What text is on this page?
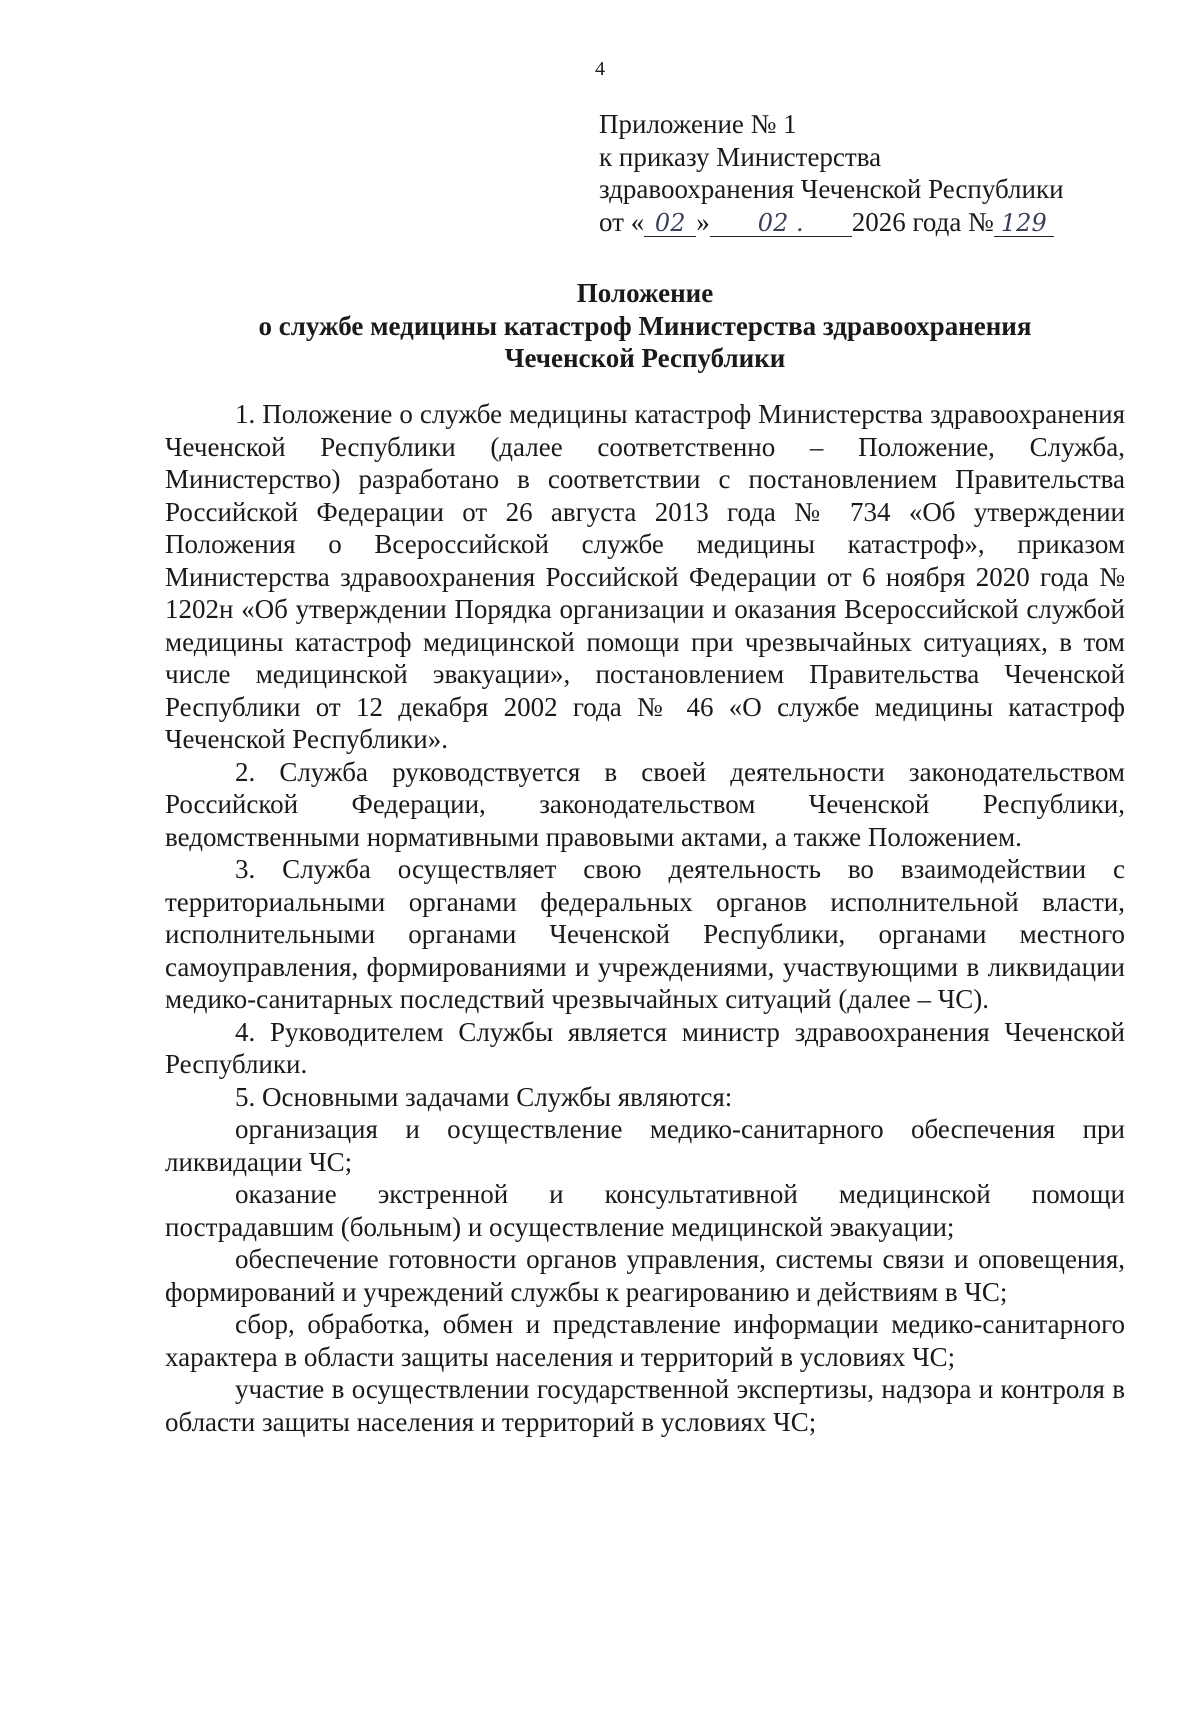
4
Приложение № 1
к приказу Министерства
здравоохранения Чеченской Республики
от « 02 » 02 . 2026 года № 129
Положение
о службе медицины катастроф Министерства здравоохранения
Чеченской Республики

1. Положение о службе медицины катастроф Министерства здравоохранения Чеченской Республики (далее соответственно – Положение, Служба, Министерство) разработано в соответствии с постановлением Правительства Российской Федерации от 26 августа 2013 года № 734 «Об утверждении Положения о Всероссийской службе медицины катастроф», приказом Министерства здравоохранения Российской Федерации от 6 ноября 2020 года № 1202н «Об утверждении Порядка организации и оказания Всероссийской службой медицины катастроф медицинской помощи при чрезвычайных ситуациях, в том числе медицинской эвакуации», постановлением Правительства Чеченской Республики от 12 декабря 2002 года № 46 «О службе медицины катастроф Чеченской Республики».

2. Служба руководствуется в своей деятельности законодательством Российской Федерации, законодательством Чеченской Республики, ведомственными нормативными правовыми актами, а также Положением.

3. Служба осуществляет свою деятельность во взаимодействии с территориальными органами федеральных органов исполнительной власти, исполнительными органами Чеченской Республики, органами местного самоуправления, формированиями и учреждениями, участвующими в ликвидации медико-санитарных последствий чрезвычайных ситуаций (далее – ЧС).

4. Руководителем Службы является министр здравоохранения Чеченской Республики.

5. Основными задачами Службы являются:

организация и осуществление медико-санитарного обеспечения при ликвидации ЧС;

оказание экстренной и консультативной медицинской помощи пострадавшим (больным) и осуществление медицинской эвакуации;

обеспечение готовности органов управления, системы связи и оповещения, формирований и учреждений службы к реагированию и действиям в ЧС;

сбор, обработка, обмен и представление информации медико-санитарного характера в области защиты населения и территорий в условиях ЧС;

участие в осуществлении государственной экспертизы, надзора и контроля в области защиты населения и территорий в условиях ЧС;
